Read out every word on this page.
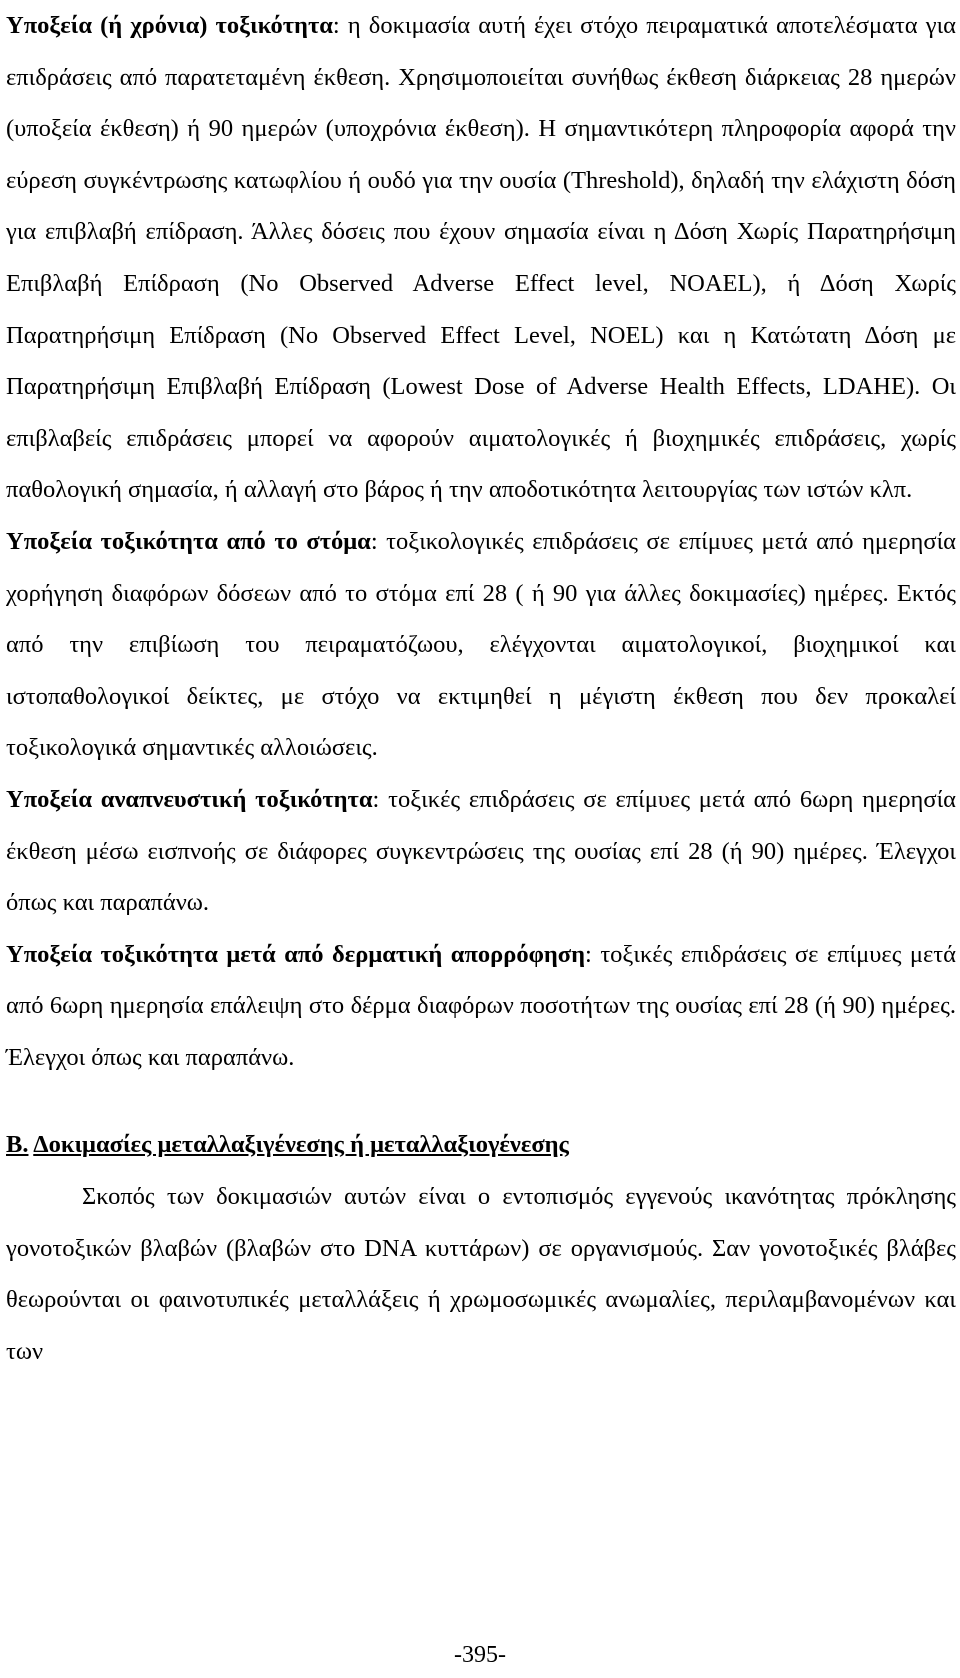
Υποξεία (ή χρόνια) τοξικότητα: η δοκιμασία αυτή έχει στόχο πειραματικά αποτελέσματα για επιδράσεις από παρατεταμένη έκθεση. Χρησιμοποιείται συνήθως έκθεση διάρκειας 28 ημερών (υποξεία έκθεση) ή 90 ημερών (υποχρόνια έκθεση). Η σημαντικότερη πληροφορία αφορά την εύρεση συγκέντρωσης κατωφλίου ή ουδό για την ουσία (Threshold), δηλαδή την ελάχιστη δόση για επιβλαβή επίδραση. Άλλες δόσεις που έχουν σημασία είναι η Δόση Χωρίς Παρατηρήσιμη Επιβλαβή Επίδραση (No Observed Adverse Effect level, NOAEL), ή Δόση Χωρίς Παρατηρήσιμη Επίδραση (No Observed Effect Level, NOEL) και η Κατώτατη Δόση με Παρατηρήσιμη Επιβλαβή Επίδραση (Lowest Dose of Adverse Health Effects, LDAHE). Οι επιβλαβείς επιδράσεις μπορεί να αφορούν αιματολογικές ή βιοχημικές επιδράσεις, χωρίς παθολογική σημασία, ή αλλαγή στο βάρος ή την αποδοτικότητα λειτουργίας των ιστών κλπ.

Υποξεία τοξικότητα από το στόμα: τοξικολογικές επιδράσεις σε επίμυες μετά από ημερησία χορήγηση διαφόρων δόσεων από το στόμα επί 28 ( ή 90 για άλλες δοκιμασίες) ημέρες. Εκτός από την επιβίωση του πειραματόζωου, ελέγχονται αιματολογικοί, βιοχημικοί και ιστοπαθολογικοί δείκτες, με στόχο να εκτιμηθεί η μέγιστη έκθεση που δεν προκαλεί τοξικολογικά σημαντικές αλλοιώσεις.

Υποξεία αναπνευστική τοξικότητα: τοξικές επιδράσεις σε επίμυες μετά από 6ωρη ημερησία έκθεση μέσω εισπνοής σε διάφορες συγκεντρώσεις της ουσίας επί 28 (ή 90) ημέρες. Έλεγχοι όπως και παραπάνω.

Υποξεία τοξικότητα μετά από δερματική απορρόφηση: τοξικές επιδράσεις σε επίμυες μετά από 6ωρη ημερησία επάλειψη στο δέρμα διαφόρων ποσοτήτων της ουσίας επί 28 (ή 90) ημέρες. Έλεγχοι όπως και παραπάνω.

Β. Δοκιμασίες μεταλλαξιγένεσης ή μεταλλαξιογένεσης

Σκοπός των δοκιμασιών αυτών είναι ο εντοπισμός εγγενούς ικανότητας πρόκλησης γονοτοξικών βλαβών (βλαβών στο DNA κυττάρων) σε οργανισμούς. Σαν γονοτοξικές βλάβες θεωρούνται οι φαινοτυπικές μεταλλάξεις ή χρωμοσωμικές ανωμαλίες, περιλαμβανομένων και των

-395-
